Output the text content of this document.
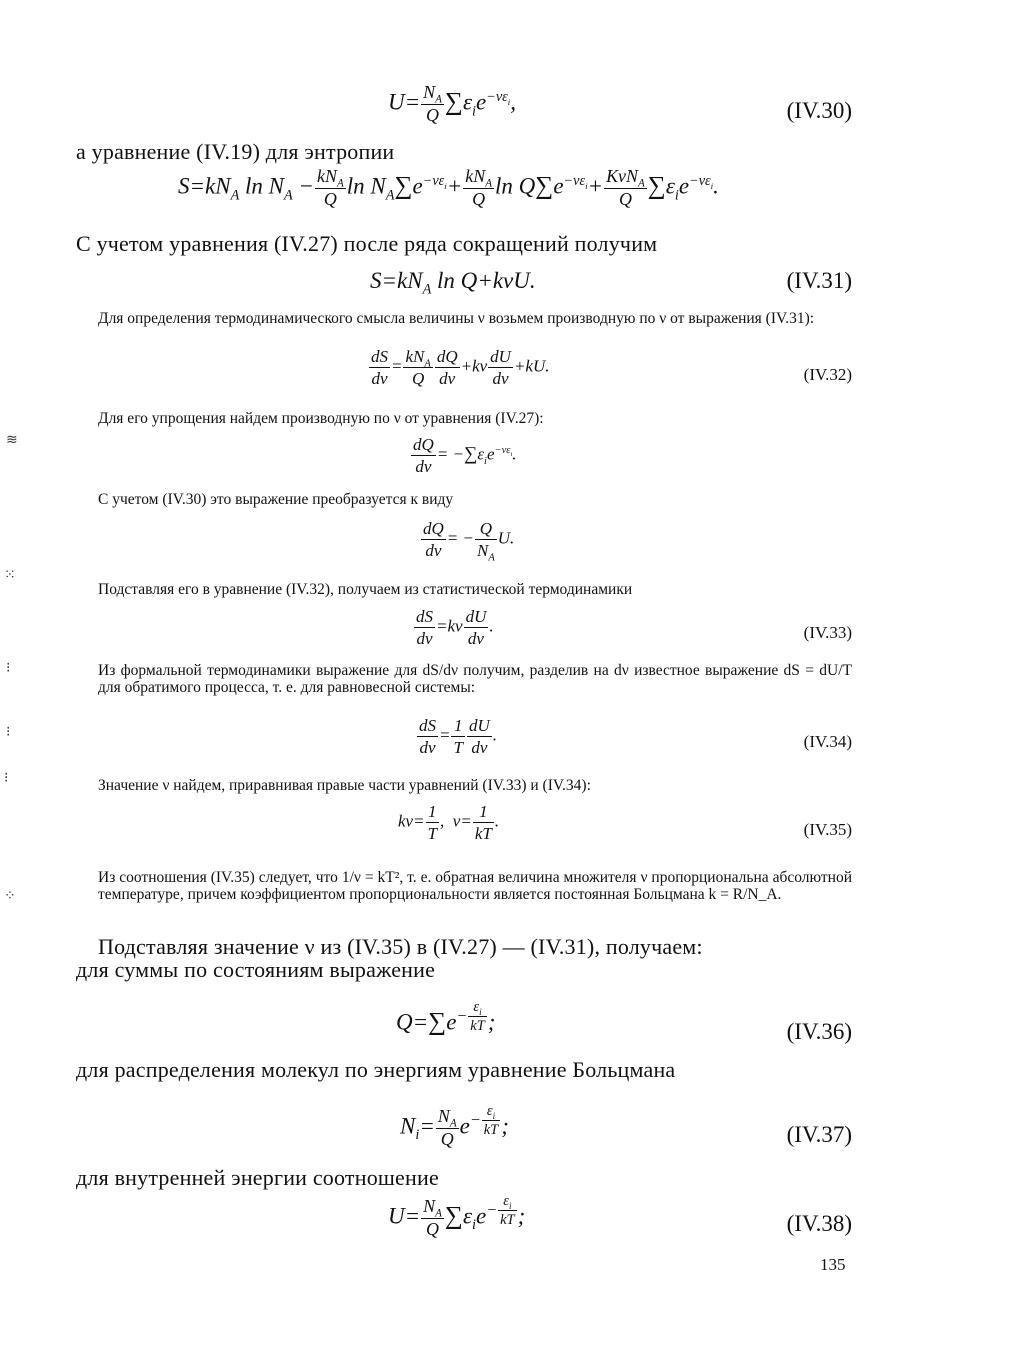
≋
⁙
⁝
⁝
⁝
⁘
$U= \frac{N_A}{Q} \sum\varepsilon_ie^{-\nu\varepsilon_i}$,	(IV.30)
а уравнение (IV.19) для энтропии
$S=kN_A$ $\ln N_A - \frac{kN_A}{Q}$ $\ln N_A\sum e^{-\nu\varepsilon_i}+ \frac{kN_A}{Q}$ $\ln Q\sum e^{-\nu\varepsilon_i}+ \frac{K\nu N_A}{Q} \sum\varepsilon_ie^{-\nu\varepsilon_i}$.
С учетом уравнения (IV.27) после ряда сокращений получим
$S=kN_A$ ln Q+kνU.	(IV.31)
Для определения термодинамического смысла величины ν возьмем производную по ν от выражения (IV.31):
$\frac{dS}{d\nu} = \frac{kN_A}{Q} \frac{dQ}{d\nu} +k\nu \frac{dU}{d\nu} +kU$.	(IV.32)
Для его упрощения найдем производную по ν от уравнения (IV.27):
$\frac{dQ}{d\nu} = -\sum\varepsilon_ie^{-\nu\varepsilon_i}$.
С учетом (IV.30) это выражение преобразуется к виду
$\frac{dQ}{d\nu}$ = − $\frac{Q}{N_A} U$.
Подставляя его в уравнение (IV.32), получаем из статистической термодинамики
$\frac{dS}{d\nu} =k\nu \frac{dU}{d\nu}$ .	(IV.33)
Из формальной термодинамики выражение для dS/dν получим, разделив на dν известное выражение dS = dU/T для обратимого процесса, т. е. для равновесной системы:
$\frac{dS}{d\nu} = \frac{1}{T} \frac{dU}{d\nu}$ .	(IV.34)
Значение ν найдем, приравнивая правые части уравнений (IV.33) и (IV.34):
$k\nu= \frac{1}{T}$ ,  $\nu= \frac{1}{kT}$ .	(IV.35)
Из соотношения (IV.35) следует, что 1/ν = kT², т. е. обратная величина множителя ν пропорциональна абсолютной температуре, причем коэффициентом пропорциональности является постоянная Больцмана k = R/N_A.
Подставляя значение ν из (IV.35) в (IV.27) — (IV.31), получаем:
для суммы по состояниям выражение
$Q=\sum e^{- \frac{\varepsilon_i}{kT}}$ ;	(IV.36)
для распределения молекул по энергиям уравнение Больцмана
$N_i= \frac{N_A}{Q} e^{- \frac{\varepsilon_i}{kT}}$ ;	(IV.37)
для внутренней энергии соотношение
$U= \frac{N_A}{Q} \sum\varepsilon_ie^{- \frac{\varepsilon_i}{kT}}$ ;	(IV.38)
135
